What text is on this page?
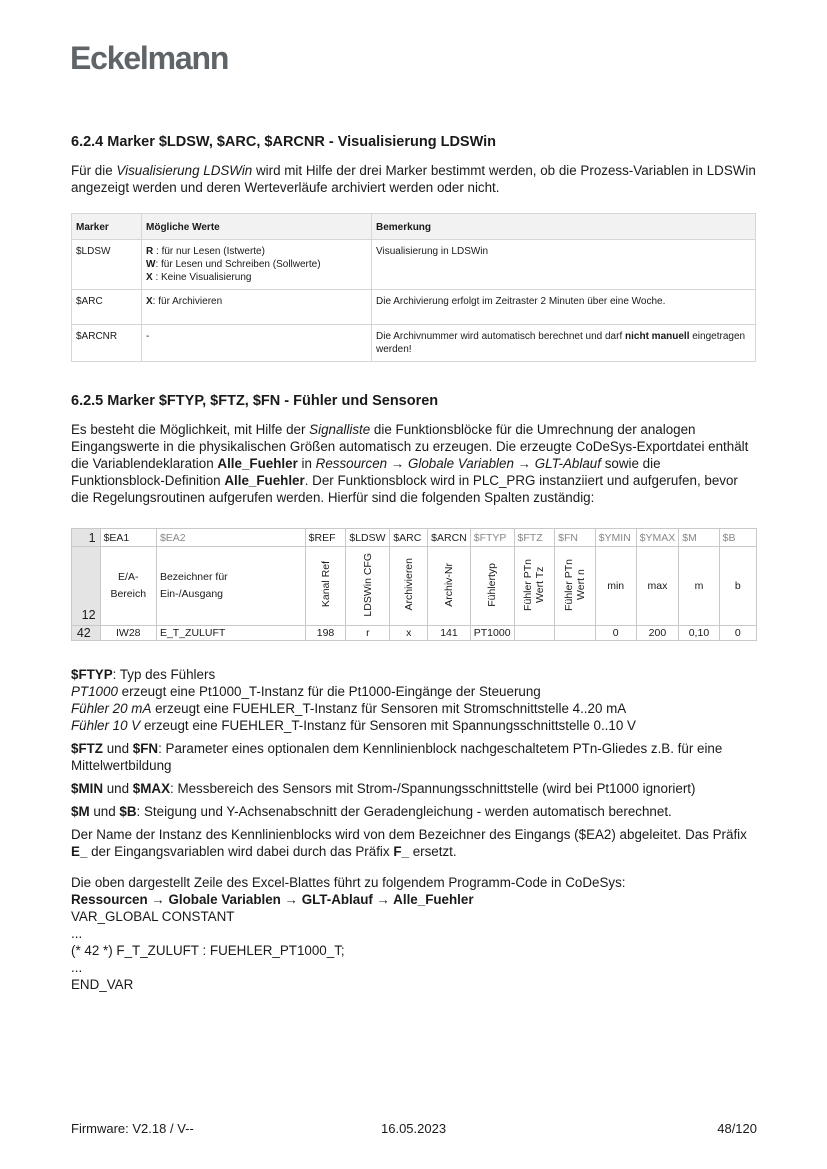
Eckelmann
6.2.4 Marker $LDSW, $ARC, $ARCNR - Visualisierung LDSWin

Für die Visualisierung LDSWin wird mit Hilfe der drei Marker bestimmt werden, ob die Prozess-Variablen in LDSWin angezeigt werden und deren Werteverläufe archiviert werden oder nicht.

Marker	Mögliche Werte	Bemerkung
$LDSW	R : für nur Lesen (Istwerte)
W: für Lesen und Schreiben (Sollwerte)
X : Keine Visualisierung	Visualisierung in LDSWin
$ARC	X: für Archivieren	Die Archivierung erfolgt im Zeitraster 2 Minuten über eine Woche.
$ARCNR	-	Die Archivnummer wird automatisch berechnet und darf nicht manuell eingetragen werden!
6.2.5 Marker $FTYP, $FTZ, $FN - Fühler und Sensoren

Es besteht die Möglichkeit, mit Hilfe der Signalliste die Funktionsblöcke für die Umrechnung der analogen Eingangswerte in die physikalischen Größen automatisch zu erzeugen. Die erzeugte CoDeSys-Exportdatei enthält die Variablendeklaration Alle_Fuehler in Ressourcen → Globale Variablen → GLT-Ablauf sowie die Funktionsblock-Definition Alle_Fuehler. Der Funktionsblock wird in PLC_PRG instanziiert und aufgerufen, bevor die Regelungsroutinen aufgerufen werden. Hierfür sind die folgenden Spalten zuständig:

1	$EA1	$EA2	$REF	$LDSW	$ARC	$ARCN	$FTYP	$FTZ	$FN	$YMIN	$YMAX	$M	$B
12	E/A-Bereich	Bezeichner für
Ein-/Ausgang	Kanal Ref	LDSWin CFG	Archivieren	Archiv-Nr	Fühlertyp	Fühler PTn
Wert Tz	Fühler PTn
Wert n	min	max	m	b
42	IW28	E_T_ZULUFT	198	r	x	141	PT1000			0	200	0,10	0

$FTYP: Typ des Fühlers

PT1000 erzeugt eine Pt1000_T-Instanz für die Pt1000-Eingänge der Steuerung

Fühler 20 mA erzeugt eine FUEHLER_T-Instanz für Sensoren mit Stromschnittstelle 4..20 mA

Fühler 10 V erzeugt eine FUEHLER_T-Instanz für Sensoren mit Spannungsschnittstelle 0..10 V

$FTZ und $FN: Parameter eines optionalen dem Kennlinienblock nachgeschaltetem PTn-Gliedes z.B. für eine Mittelwertbildung

$MIN und $MAX: Messbereich des Sensors mit Strom-/Spannungsschnittstelle (wird bei Pt1000 ignoriert)

$M und $B: Steigung und Y-Achsenabschnitt der Geradengleichung - werden automatisch berechnet.

Der Name der Instanz des Kennlinienblocks wird von dem Bezeichner des Eingangs ($EA2) abgeleitet. Das Präfix E_ der Eingangsvariablen wird dabei durch das Präfix F_ ersetzt.

Die oben dargestellt Zeile des Excel-Blattes führt zu folgendem Programm-Code in CoDeSys:
Ressourcen → Globale Variablen → GLT-Ablauf → Alle_Fuehler
VAR_GLOBAL CONSTANT
...
(* 42 *) F_T_ZULUFT : FUEHLER_PT1000_T;
...
END_VAR
Firmware: V2.18 / V--	16.05.2023	48/120
